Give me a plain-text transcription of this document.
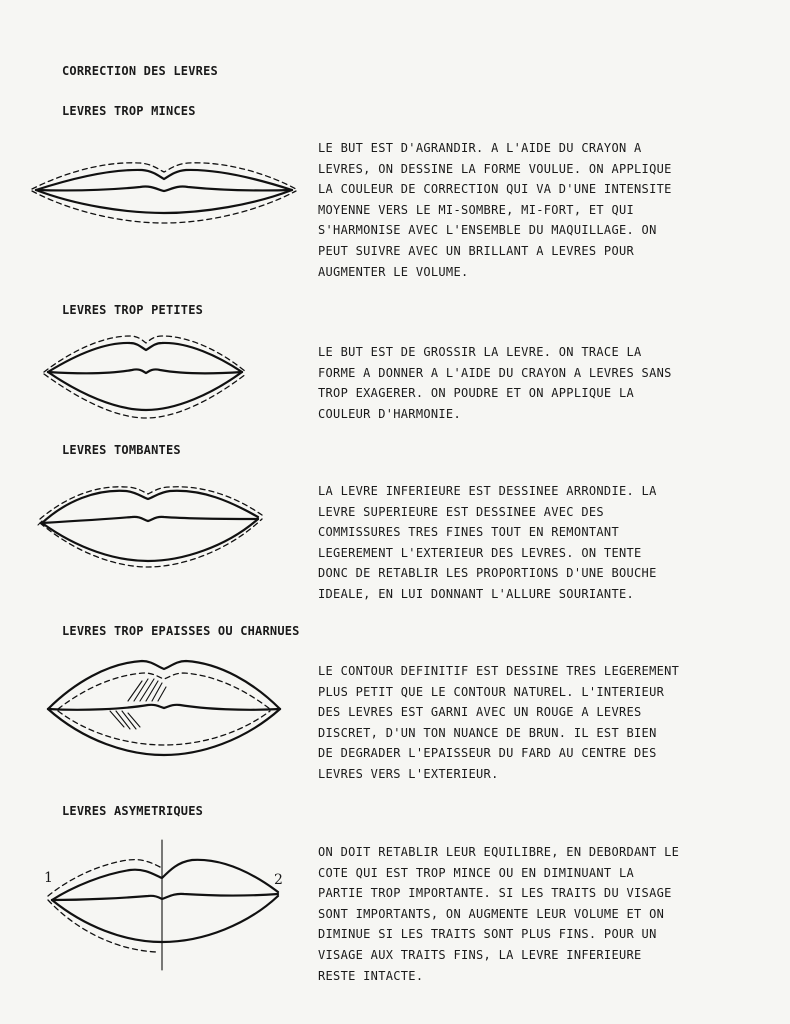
CORRECTION DES LEVRES
LEVRES TROP MINCES
LE BUT EST D'AGRANDIR. A L'AIDE DU CRAYON A
LEVRES, ON DESSINE LA FORME VOULUE. ON APPLIQUE
LA COULEUR DE CORRECTION QUI VA D'UNE INTENSITE
MOYENNE VERS LE MI-SOMBRE, MI-FORT, ET QUI
S'HARMONISE AVEC L'ENSEMBLE DU MAQUILLAGE. ON
PEUT SUIVRE AVEC UN BRILLANT A LEVRES POUR
AUGMENTER LE VOLUME.
LEVRES TROP PETITES
LE BUT EST DE GROSSIR LA LEVRE. ON TRACE LA
FORME A DONNER A L'AIDE DU CRAYON A LEVRES SANS
TROP EXAGERER. ON POUDRE ET ON APPLIQUE LA
COULEUR D'HARMONIE.
LEVRES TOMBANTES
LA LEVRE INFERIEURE EST DESSINEE ARRONDIE. LA
LEVRE SUPERIEURE EST DESSINEE AVEC DES
COMMISSURES TRES FINES TOUT EN REMONTANT
LEGEREMENT L'EXTERIEUR DES LEVRES. ON TENTE
DONC DE RETABLIR LES PROPORTIONS D'UNE BOUCHE
IDEALE, EN LUI DONNANT L'ALLURE SOURIANTE.
LEVRES TROP EPAISSES OU CHARNUES
LE CONTOUR DEFINITIF EST DESSINE TRES LEGEREMENT
PLUS PETIT QUE LE CONTOUR NATUREL. L'INTERIEUR
DES LEVRES EST GARNI AVEC UN ROUGE A LEVRES
DISCRET, D'UN TON NUANCE DE BRUN. IL EST BIEN
DE DEGRADER L'EPAISSEUR DU FARD AU CENTRE DES
LEVRES VERS L'EXTERIEUR.
LEVRES ASYMETRIQUES
1	2
ON DOIT RETABLIR LEUR EQUILIBRE, EN DEBORDANT LE
COTE QUI EST TROP MINCE OU EN DIMINUANT LA
PARTIE TROP IMPORTANTE. SI LES TRAITS DU VISAGE
SONT IMPORTANTS, ON AUGMENTE LEUR VOLUME ET ON
DIMINUE SI LES TRAITS SONT PLUS FINS. POUR UN
VISAGE AUX TRAITS FINS, LA LEVRE INFERIEURE
RESTE INTACTE.
